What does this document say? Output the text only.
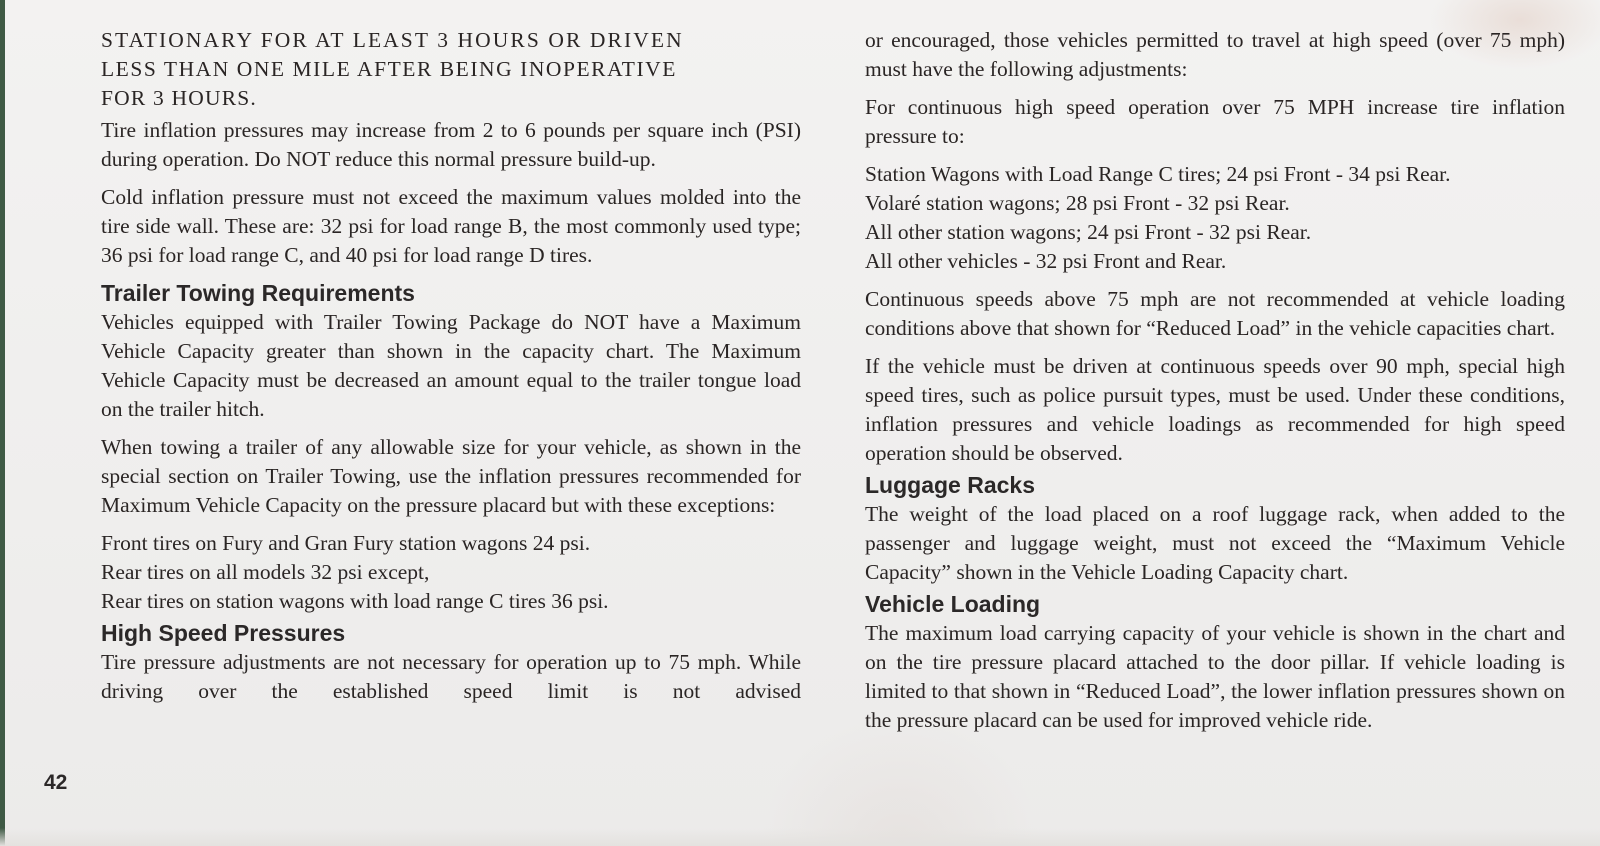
STATIONARY FOR AT LEAST 3 HOURS OR DRIVEN
LESS THAN ONE MILE AFTER BEING INOPERATIVE
FOR 3 HOURS.

Tire inflation pressures may increase from 2 to 6 pounds per square inch (PSI) during operation. Do NOT reduce this normal pressure build-up.

Cold inflation pressure must not exceed the maximum values molded into the tire side wall. These are: 32 psi for load range B, the most commonly used type; 36 psi for load range C, and 40 psi for load range D tires.

Trailer Towing Requirements

Vehicles equipped with Trailer Towing Package do NOT have a Maximum Vehicle Capacity greater than shown in the capacity chart. The Maximum Vehicle Capacity must be decreased an amount equal to the trailer tongue load on the trailer hitch.

When towing a trailer of any allowable size for your vehicle, as shown in the special section on Trailer Towing, use the inflation pressures recommended for Maximum Vehicle Capacity on the pressure placard but with these exceptions:

Front tires on Fury and Gran Fury station wagons 24 psi.
Rear tires on all models 32 psi except,
Rear tires on station wagons with load range C tires 36 psi.
High Speed Pressures

Tire pressure adjustments are not necessary for operation up to 75 mph. While driving over the established speed limit is not advised

or encouraged, those vehicles permitted to travel at high speed (over 75 mph) must have the following adjustments:

For continuous high speed operation over 75 MPH increase tire inflation pressure to:

Station Wagons with Load Range C tires; 24 psi Front - 34 psi Rear.
Volaré station wagons; 28 psi Front - 32 psi Rear.
All other station wagons; 24 psi Front - 32 psi Rear.
All other vehicles - 32 psi Front and Rear.

Continuous speeds above 75 mph are not recommended at vehicle loading conditions above that shown for “Reduced Load” in the vehicle capacities chart.

If the vehicle must be driven at continuous speeds over 90 mph, special high speed tires, such as police pursuit types, must be used. Under these conditions, inflation pressures and vehicle loadings as recommended for high speed operation should be observed.

Luggage Racks

The weight of the load placed on a roof luggage rack, when added to the passenger and luggage weight, must not exceed the “Maximum Vehicle Capacity” shown in the Vehicle Loading Capacity chart.

Vehicle Loading

The maximum load carrying capacity of your vehicle is shown in the chart and on the tire pressure placard attached to the door pillar. If vehicle loading is limited to that shown in “Reduced Load”, the lower inflation pressures shown on the pressure placard can be used for improved vehicle ride.

42
